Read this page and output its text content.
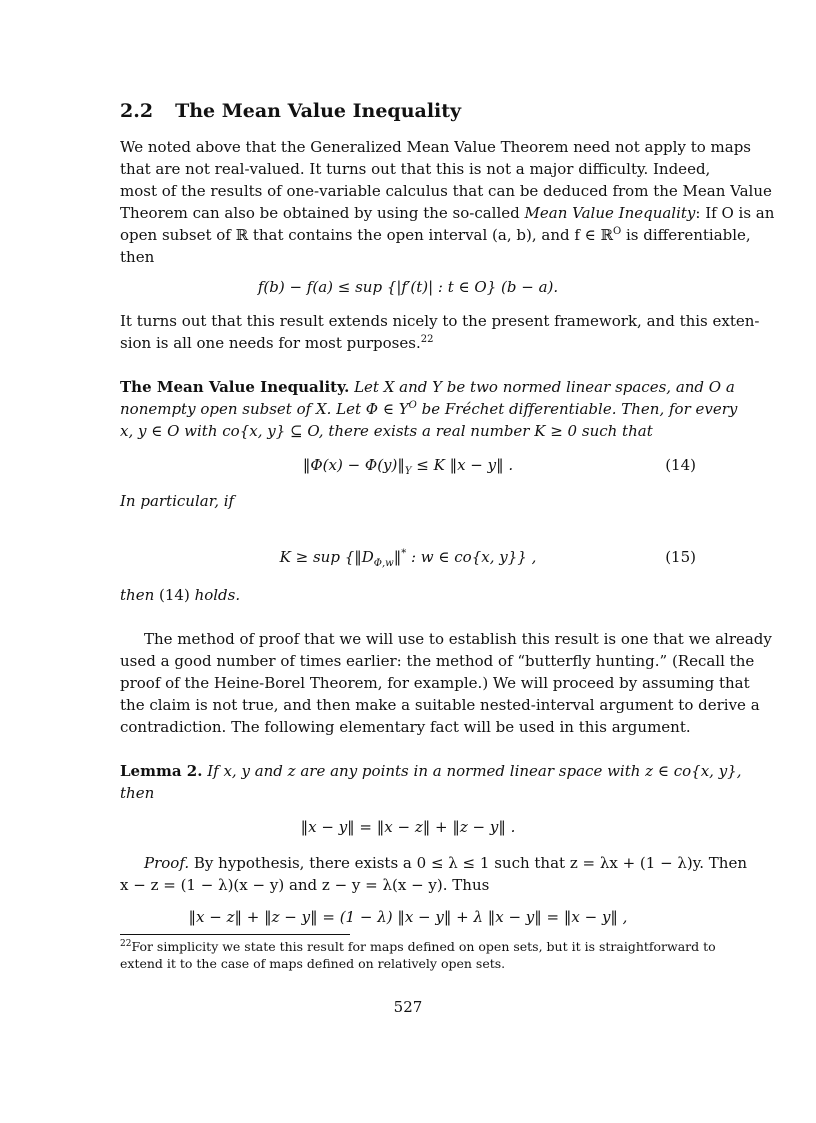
2.2 The Mean Value Inequality
We noted above that the Generalized Mean Value Theorem need not apply to maps
that are not real-valued. It turns out that this is not a major difficulty. Indeed,
most of the results of one-variable calculus that can be deduced from the Mean Value
Theorem can also be obtained by using the so-called Mean Value Inequality: If O is an
open subset of ℝ that contains the open interval (a, b), and f ∈ ℝ$^O$ is differentiable,
then
f(b) − f(a) ≤ sup {|f′(t)| : t ∈ O} (b − a).
It turns out that this result extends nicely to the present framework, and this exten-
sion is all one needs for most purposes.$^{22}$
The Mean Value Inequality. Let X and Y be two normed linear spaces, and O a
nonempty open subset of X. Let Φ ∈ $Y^O$ be Fréchet differentiable. Then, for every
x, y ∈ O with co{x, y} ⊆ O, there exists a real number K ≥ 0 such that
‖Φ(x) − $\Phi(y)‖_Y \le K$ ‖x − y‖ .	(14)
In particular, if
K ≥ sup {$‖D_{\Phi,w}‖^*$ : w ∈ co{x, y}} ,	(15)
then (14) holds.
The method of proof that we will use to establish this result is one that we already
used a good number of times earlier: the method of “butterfly hunting.” (Recall the
proof of the Heine-Borel Theorem, for example.) We will proceed by assuming that
the claim is not true, and then make a suitable nested-interval argument to derive a
contradiction. The following elementary fact will be used in this argument.
Lemma 2. If x, y and z are any points in a normed linear space with z ∈ co{x, y},
then
‖x − y‖ = ‖x − z‖ + ‖z − y‖ .
Proof. By hypothesis, there exists a 0 ≤ λ ≤ 1 such that z = λx + (1 − λ)y. Then
x − z = (1 − λ)(x − y) and z − y = λ(x − y). Thus
‖x − z‖ + ‖z − y‖ = (1 − λ) ‖x − y‖ + λ ‖x − y‖ = ‖x − y‖ ,
$^{22}$For simplicity we state this result for maps defined on open sets, but it is straightforward to
extend it to the case of maps defined on relatively open sets.
527
